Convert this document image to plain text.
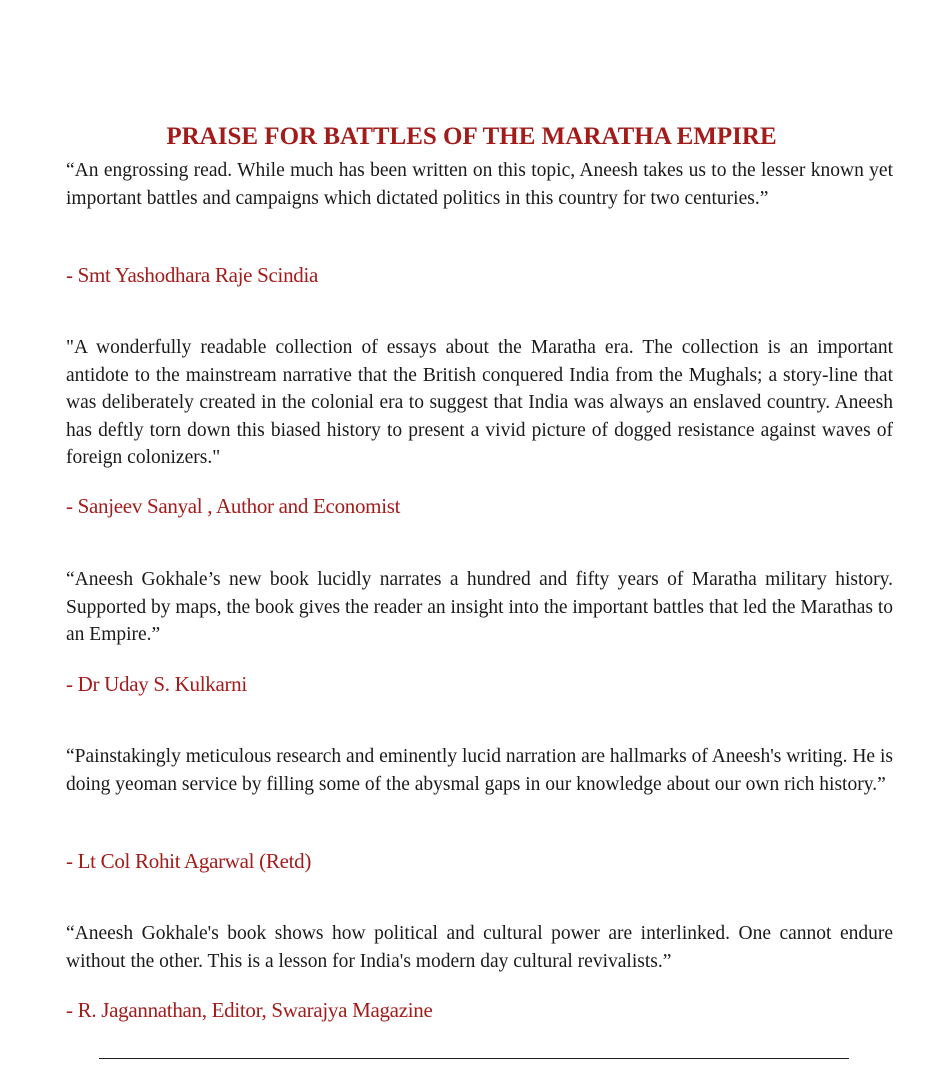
PRAISE FOR BATTLES OF THE MARATHA EMPIRE

“An engrossing read. While much has been written on this topic, Aneesh takes us to the lesser known yet important battles and campaigns which dictated politics in this country for two centuries.”

- Smt Yashodhara Raje Scindia

"A wonderfully readable collection of essays about the Maratha era. The collection is an important antidote to the mainstream narrative that the British conquered India from the Mughals; a story-line that was deliberately created in the colonial era to suggest that India was always an enslaved country. Aneesh has deftly torn down this biased history to present a vivid picture of dogged resistance against waves of foreign colonizers."

- Sanjeev Sanyal , Author and Economist

“Aneesh Gokhale’s new book lucidly narrates a hundred and fifty years of Maratha military history. Supported by maps, the book gives the reader an insight into the important battles that led the Marathas to an Empire.”

- Dr Uday S. Kulkarni

“Painstakingly meticulous research and eminently lucid narration are hallmarks of Aneesh's writing. He is doing yeoman service by filling some of the abysmal gaps in our knowledge about our own rich history.”

- Lt Col Rohit Agarwal (Retd)

“Aneesh Gokhale's book shows how political and cultural power are interlinked. One cannot endure without the other. This is a lesson for India's modern day cultural revivalists.”

- R. Jagannathan, Editor, Swarajya Magazine
